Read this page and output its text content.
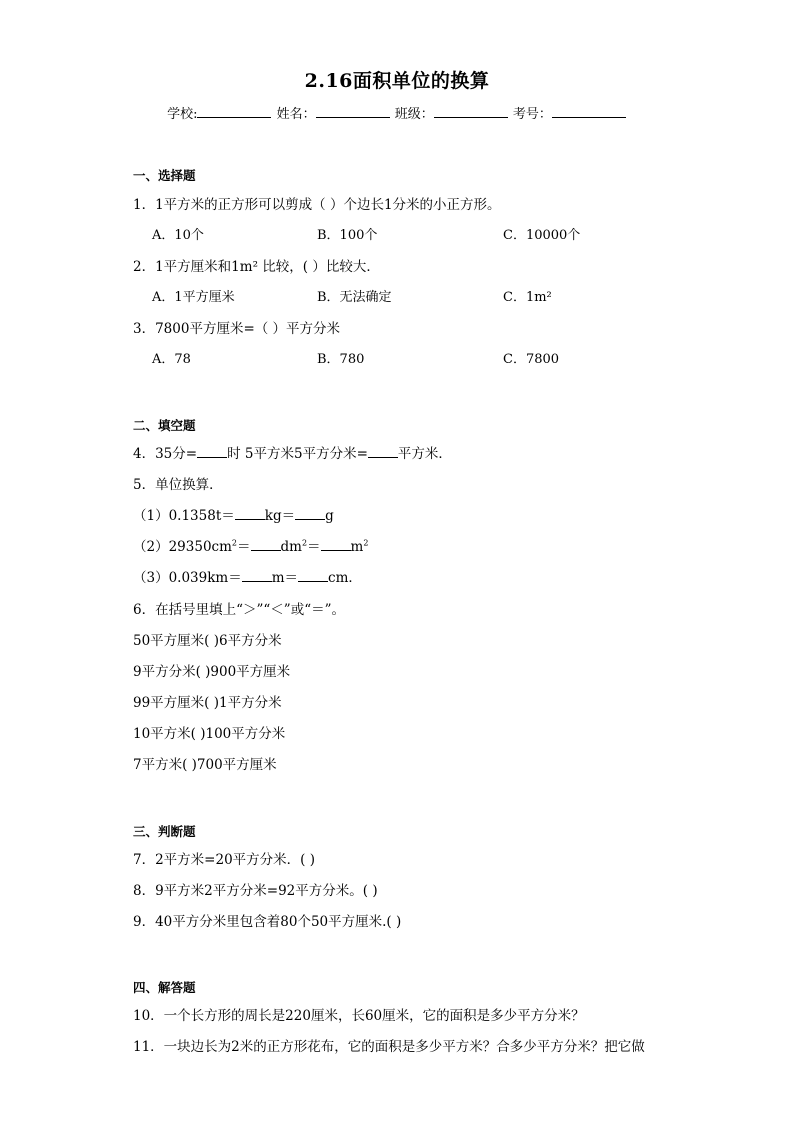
2.16面积单位的换算
学校:	姓名：	班级：	考号：
一、选择题
1．1平方米的正方形可以剪成（ ）个边长1分米的小正方形。
A．10个	B．100个	C．10000个
2．1平方厘米和1m² 比较，( ）比较大．
A．1平方厘米	B．无法确定	C．1m²
3．7800平方厘米=（ ）平方分米
A．78	B．780	C．7800
二、填空题
4．35分= 时 5平方米5平方分米= 平方米．
5．单位换算．
（1）0.1358t＝ kg＝ g
$(2)29350cm^2= dm^2= m^2$
（3）0.039km＝ m＝ cm．
6．在括号里填上“＞”“＜”或“＝”。
50平方厘米( )6平方分米
9平方分米( )900平方厘米
99平方厘米( )1平方分米
10平方米( )100平方分米
7平方米( )700平方厘米
三、判断题
7．2平方米=20平方分米．( )
8．9平方米2平方分米=92平方分米。( )
9．40平方分米里包含着80个50平方厘米.( )
四、解答题
10．一个长方形的周长是220厘米，长60厘米，它的面积是多少平方分米？
11．一块边长为2米的正方形花布，它的面积是多少平方米？合多少平方分米？把它做
